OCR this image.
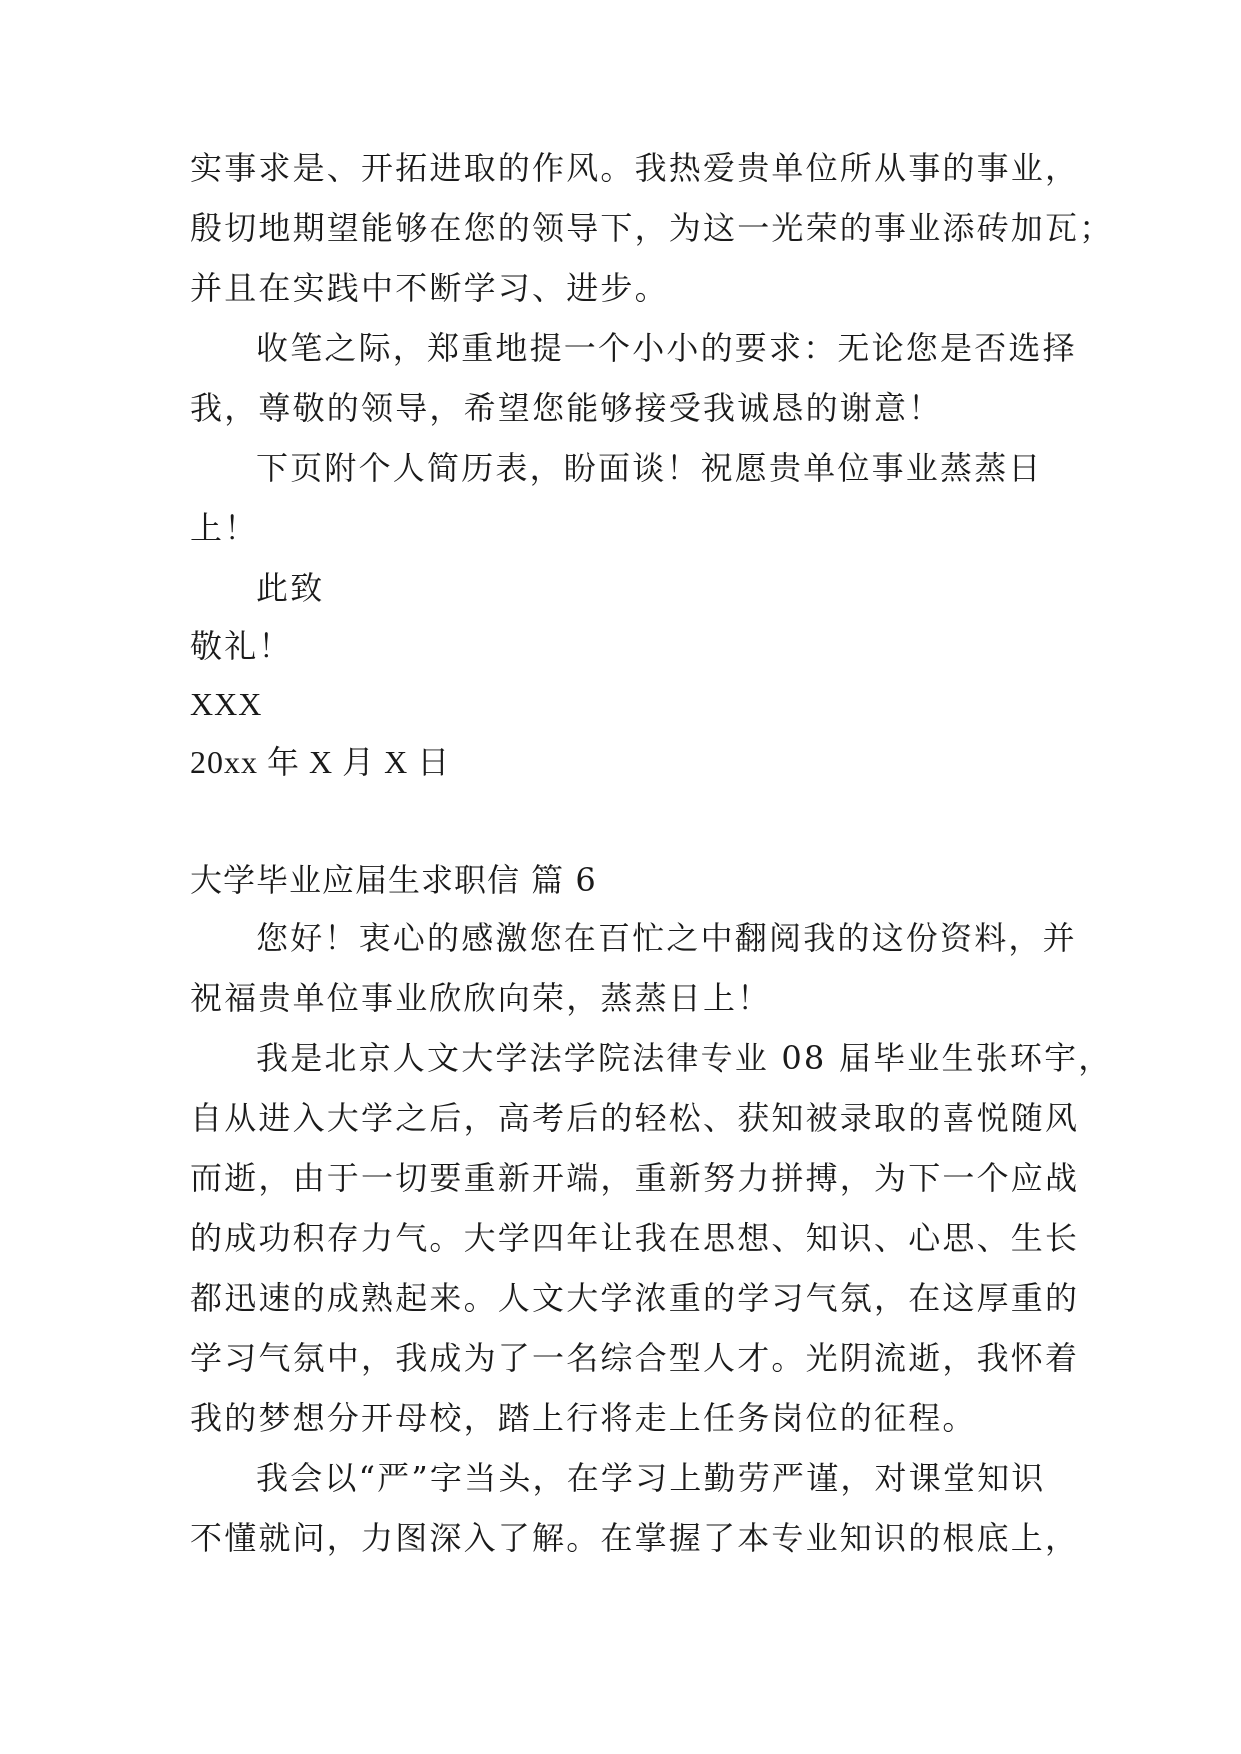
实事求是、开拓进取的作风。我热爱贵单位所从事的事业，
殷切地期望能够在您的领导下，为这一光荣的事业添砖加瓦；
并且在实践中不断学习、进步。
收笔之际，郑重地提一个小小的要求：无论您是否选择
我，尊敬的领导，希望您能够接受我诚恳的谢意！
下页附个人简历表，盼面谈！祝愿贵单位事业蒸蒸日
上！
此致
敬礼！
XXX
20xx 年 X 月 X 日
大学毕业应届生求职信 篇 6
您好！衷心的感激您在百忙之中翻阅我的这份资料，并
祝福贵单位事业欣欣向荣，蒸蒸日上！
我是北京人文大学法学院法律专业 08 届毕业生张环宇，
自从进入大学之后，高考后的轻松、获知被录取的喜悦随风
而逝，由于一切要重新开端，重新努力拼搏，为下一个应战
的成功积存力气。大学四年让我在思想、知识、心思、生长
都迅速的成熟起来。人文大学浓重的学习气氛，在这厚重的
学习气氛中，我成为了一名综合型人才。光阴流逝，我怀着
我的梦想分开母校，踏上行将走上任务岗位的征程。
我会以“严”字当头，在学习上勤劳严谨，对课堂知识
不懂就问，力图深入了解。在掌握了本专业知识的根底上，
